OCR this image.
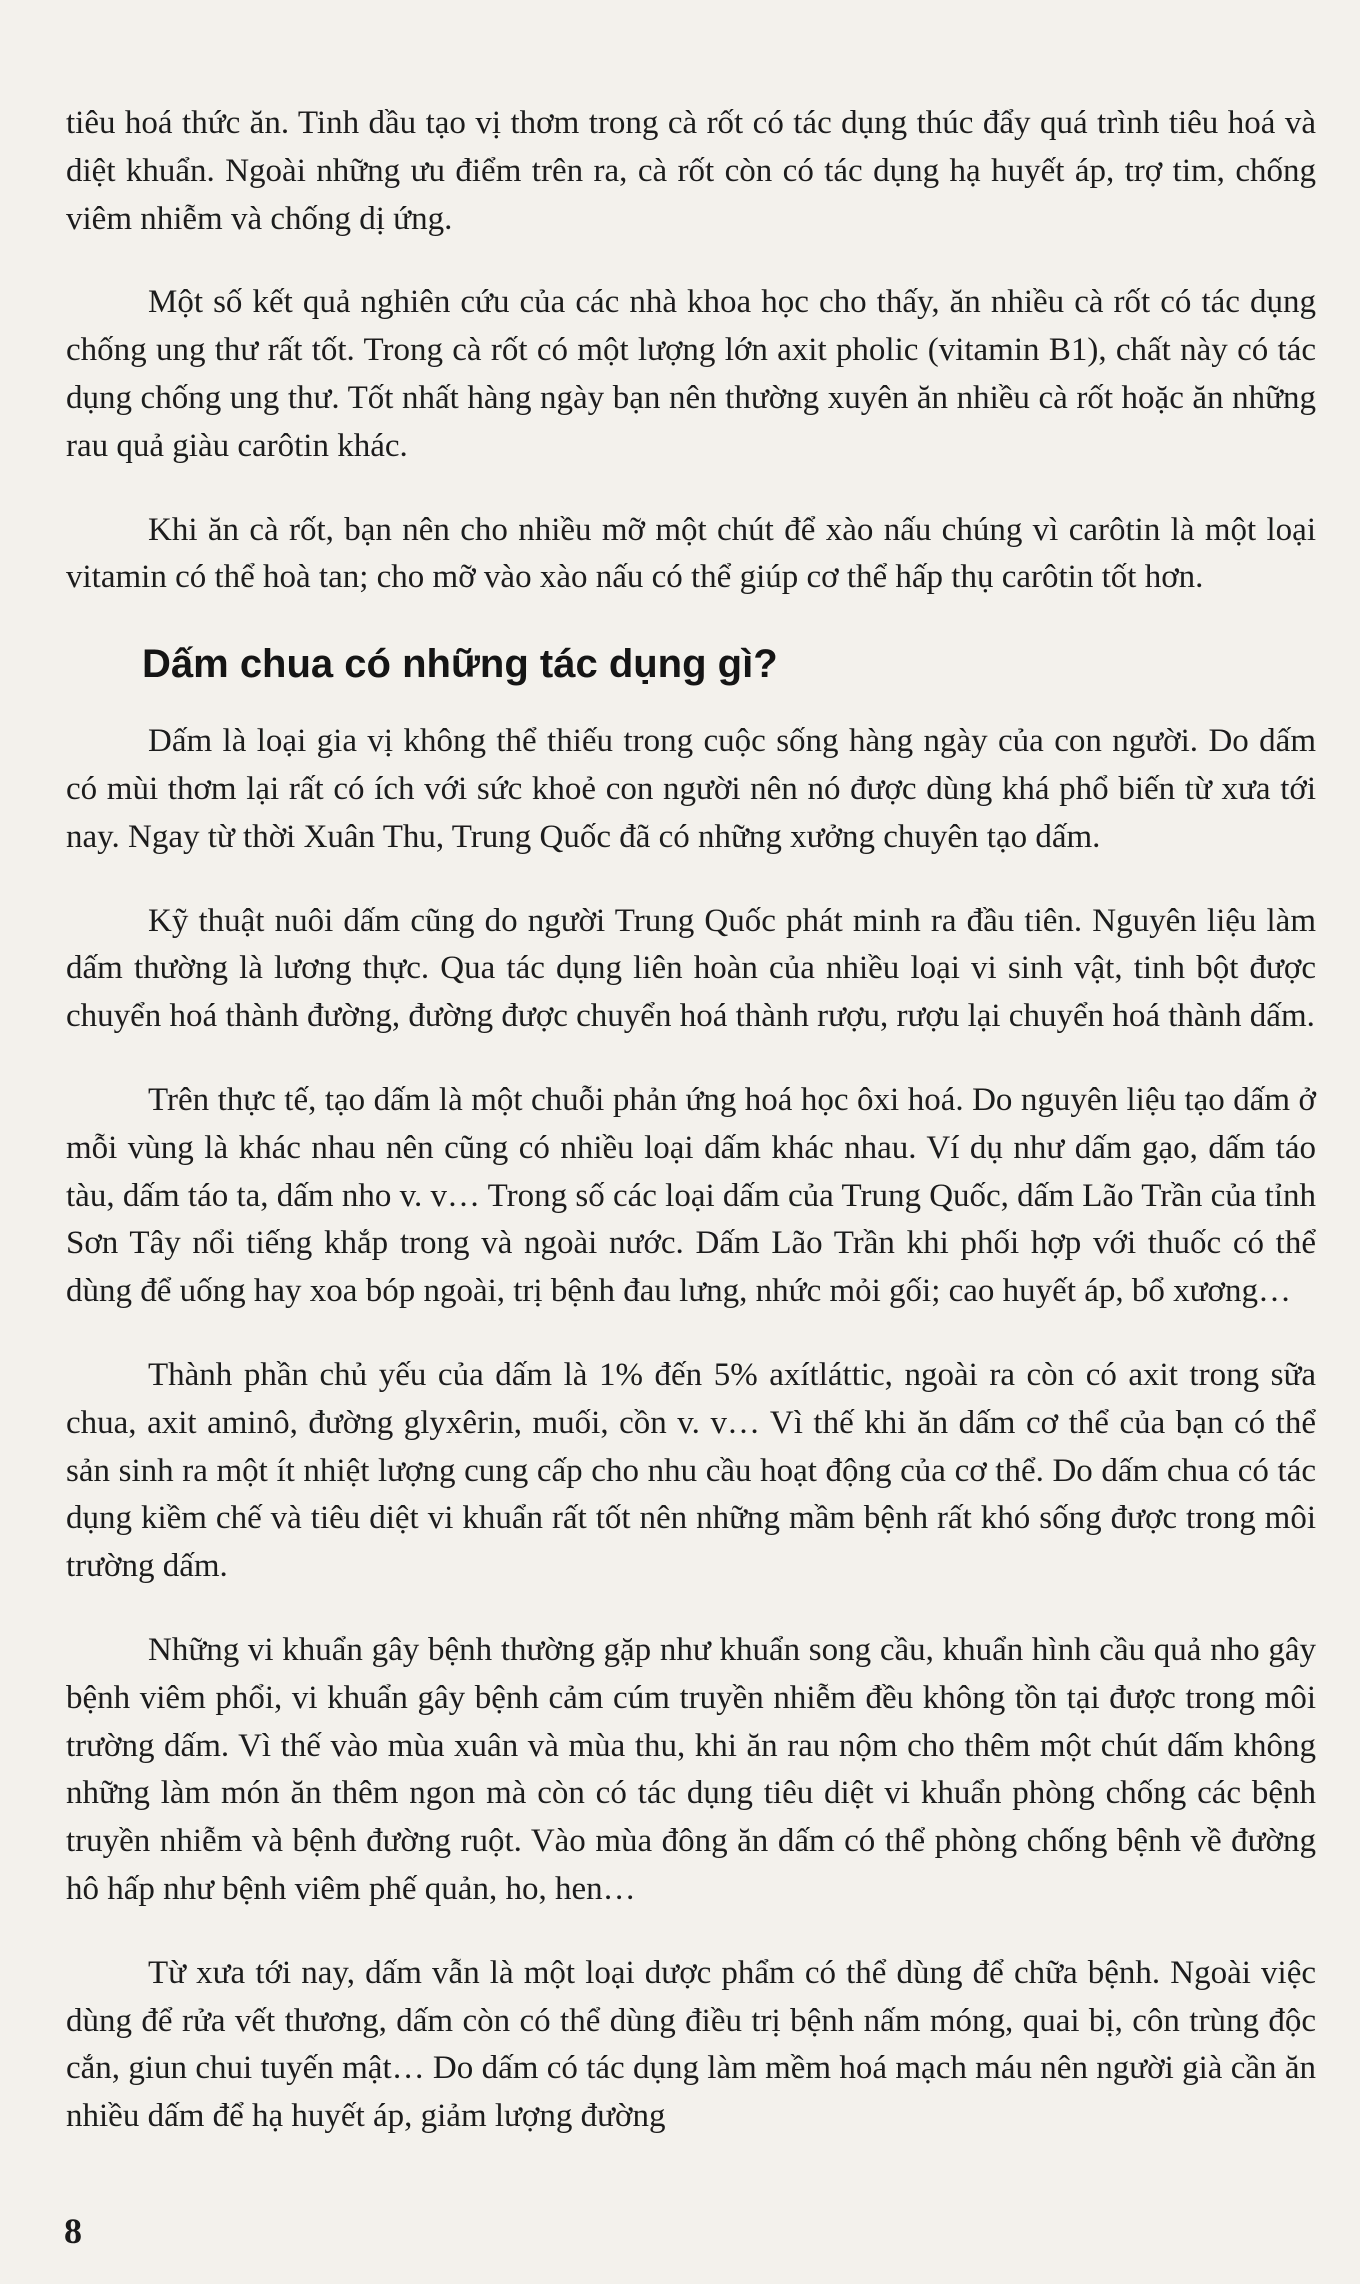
tiêu hoá thức ăn. Tinh dầu tạo vị thơm trong cà rốt có tác dụng thúc đẩy quá trình tiêu hoá và diệt khuẩn. Ngoài những ưu điểm trên ra, cà rốt còn có tác dụng hạ huyết áp, trợ tim, chống viêm nhiễm và chống dị ứng.

Một số kết quả nghiên cứu của các nhà khoa học cho thấy, ăn nhiều cà rốt có tác dụng chống ung thư rất tốt. Trong cà rốt có một lượng lớn axit pholic (vitamin B1), chất này có tác dụng chống ung thư. Tốt nhất hàng ngày bạn nên thường xuyên ăn nhiều cà rốt hoặc ăn những rau quả giàu carôtin khác.

Khi ăn cà rốt, bạn nên cho nhiều mỡ một chút để xào nấu chúng vì carôtin là một loại vitamin có thể hoà tan; cho mỡ vào xào nấu có thể giúp cơ thể hấp thụ carôtin tốt hơn.

Dấm chua có những tác dụng gì?

Dấm là loại gia vị không thể thiếu trong cuộc sống hàng ngày của con người. Do dấm có mùi thơm lại rất có ích với sức khoẻ con người nên nó được dùng khá phổ biến từ xưa tới nay. Ngay từ thời Xuân Thu, Trung Quốc đã có những xưởng chuyên tạo dấm.

Kỹ thuật nuôi dấm cũng do người Trung Quốc phát minh ra đầu tiên. Nguyên liệu làm dấm thường là lương thực. Qua tác dụng liên hoàn của nhiều loại vi sinh vật, tinh bột được chuyển hoá thành đường, đường được chuyển hoá thành rượu, rượu lại chuyển hoá thành dấm.

Trên thực tế, tạo dấm là một chuỗi phản ứng hoá học ôxi hoá. Do nguyên liệu tạo dấm ở mỗi vùng là khác nhau nên cũng có nhiều loại dấm khác nhau. Ví dụ như dấm gạo, dấm táo tàu, dấm táo ta, dấm nho v. v… Trong số các loại dấm của Trung Quốc, dấm Lão Trần của tỉnh Sơn Tây nổi tiếng khắp trong và ngoài nước. Dấm Lão Trần khi phối hợp với thuốc có thể dùng để uống hay xoa bóp ngoài, trị bệnh đau lưng, nhức mỏi gối; cao huyết áp, bổ xương…

Thành phần chủ yếu của dấm là 1% đến 5% axítláttic, ngoài ra còn có axit trong sữa chua, axit aminô, đường glyxêrin, muối, cồn v. v… Vì thế khi ăn dấm cơ thể của bạn có thể sản sinh ra một ít nhiệt lượng cung cấp cho nhu cầu hoạt động của cơ thể. Do dấm chua có tác dụng kiềm chế và tiêu diệt vi khuẩn rất tốt nên những mầm bệnh rất khó sống được trong môi trường dấm.

Những vi khuẩn gây bệnh thường gặp như khuẩn song cầu, khuẩn hình cầu quả nho gây bệnh viêm phổi, vi khuẩn gây bệnh cảm cúm truyền nhiễm đều không tồn tại được trong môi trường dấm. Vì thế vào mùa xuân và mùa thu, khi ăn rau nộm cho thêm một chút dấm không những làm món ăn thêm ngon mà còn có tác dụng tiêu diệt vi khuẩn phòng chống các bệnh truyền nhiễm và bệnh đường ruột. Vào mùa đông ăn dấm có thể phòng chống bệnh về đường hô hấp như bệnh viêm phế quản, ho, hen…

Từ xưa tới nay, dấm vẫn là một loại dược phẩm có thể dùng để chữa bệnh. Ngoài việc dùng để rửa vết thương, dấm còn có thể dùng điều trị bệnh nấm móng, quai bị, côn trùng độc cắn, giun chui tuyến mật… Do dấm có tác dụng làm mềm hoá mạch máu nên người già cần ăn nhiều dấm để hạ huyết áp, giảm lượng đường

8
